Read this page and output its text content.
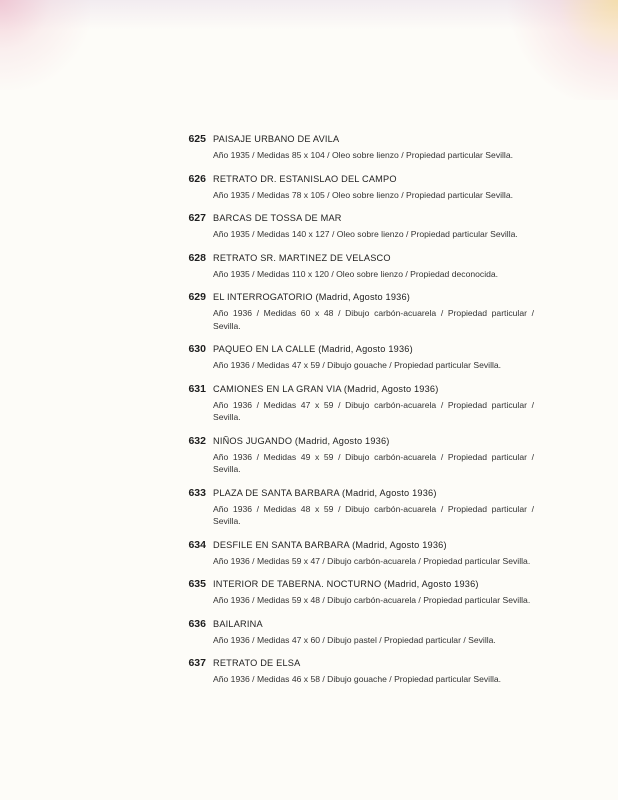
625 PAISAJE URBANO DE AVILA
Año 1935 / Medidas 85 x 104 / Oleo sobre lienzo / Propiedad particular Sevilla.
626 RETRATO DR. ESTANISLAO DEL CAMPO
Año 1935 / Medidas 78 x 105 / Oleo sobre lienzo / Propiedad particular Sevilla.
627 BARCAS DE TOSSA DE MAR
Año 1935 / Medidas 140 x 127 / Oleo sobre lienzo / Propiedad particular Sevilla.
628 RETRATO SR. MARTINEZ DE VELASCO
Año 1935 / Medidas 110 x 120 / Oleo sobre lienzo / Propiedad deconocida.
629 EL INTERROGATORIO (Madrid, Agosto 1936)
Año 1936 / Medidas 60 x 48 / Dibujo carbón-acuarela / Propiedad particular / Sevilla.
630 PAQUEO EN LA CALLE (Madrid, Agosto 1936)
Año 1936 / Medidas 47 x 59 / Dibujo gouache / Propiedad particular Sevilla.
631 CAMIONES EN LA GRAN VIA (Madrid, Agosto 1936)
Año 1936 / Medidas 47 x 59 / Dibujo carbón-acuarela / Propiedad particular / Sevilla.
632 NIÑOS JUGANDO (Madrid, Agosto 1936)
Año 1936 / Medidas 49 x 59 / Dibujo carbón-acuarela / Propiedad particular / Sevilla.
633 PLAZA DE SANTA BARBARA (Madrid, Agosto 1936)
Año 1936 / Medidas 48 x 59 / Dibujo carbón-acuarela / Propiedad particular / Sevilla.
634 DESFILE EN SANTA BARBARA (Madrid, Agosto 1936)
Año 1936 / Medidas 59 x 47 / Dibujo carbón-acuarela / Propiedad particular Sevilla.
635 INTERIOR DE TABERNA. NOCTURNO (Madrid, Agosto 1936)
Año 1936 / Medidas 59 x 48 / Dibujo carbón-acuarela / Propiedad particular Sevilla.
636 BAILARINA
Año 1936 / Medidas 47 x 60 / Dibujo pastel / Propiedad particular / Sevilla.
637 RETRATO DE ELSA
Año 1936 / Medidas 46 x 58 / Dibujo gouache / Propiedad particular Sevilla.
